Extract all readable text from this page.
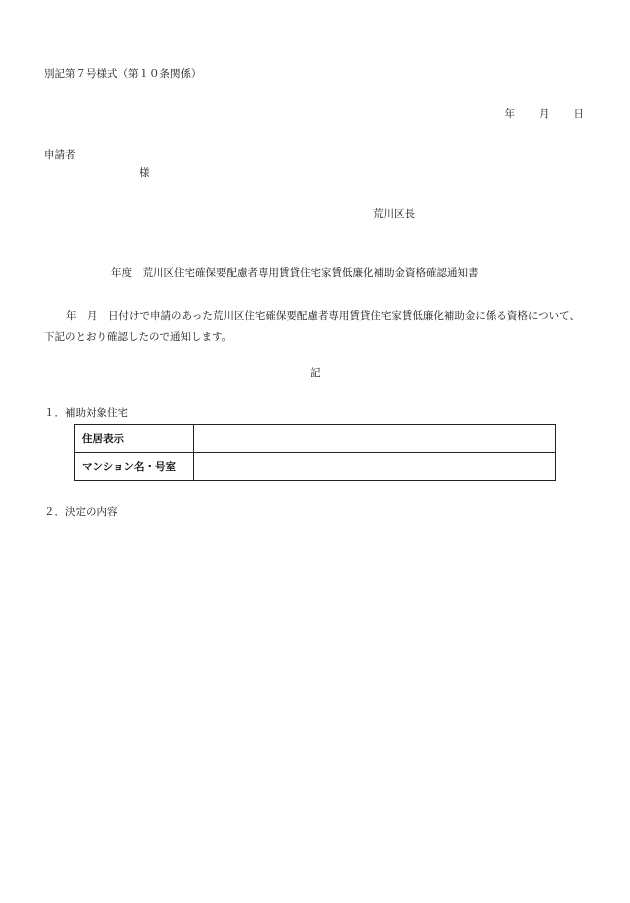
別記第７号様式（第１０条関係）
年 月 日
申請者
様
荒川区長
年度　荒川区住宅確保要配慮者専用賃貸住宅家賃低廉化補助金資格確認通知書
年　月　日付けで申請のあった荒川区住宅確保要配慮者専用賃貸住宅家賃低廉化補助金に係る資格について、下記のとおり確認したので通知します。
記
１．補助対象住宅
住居表示	
マンション名・号室	
２．決定の内容
